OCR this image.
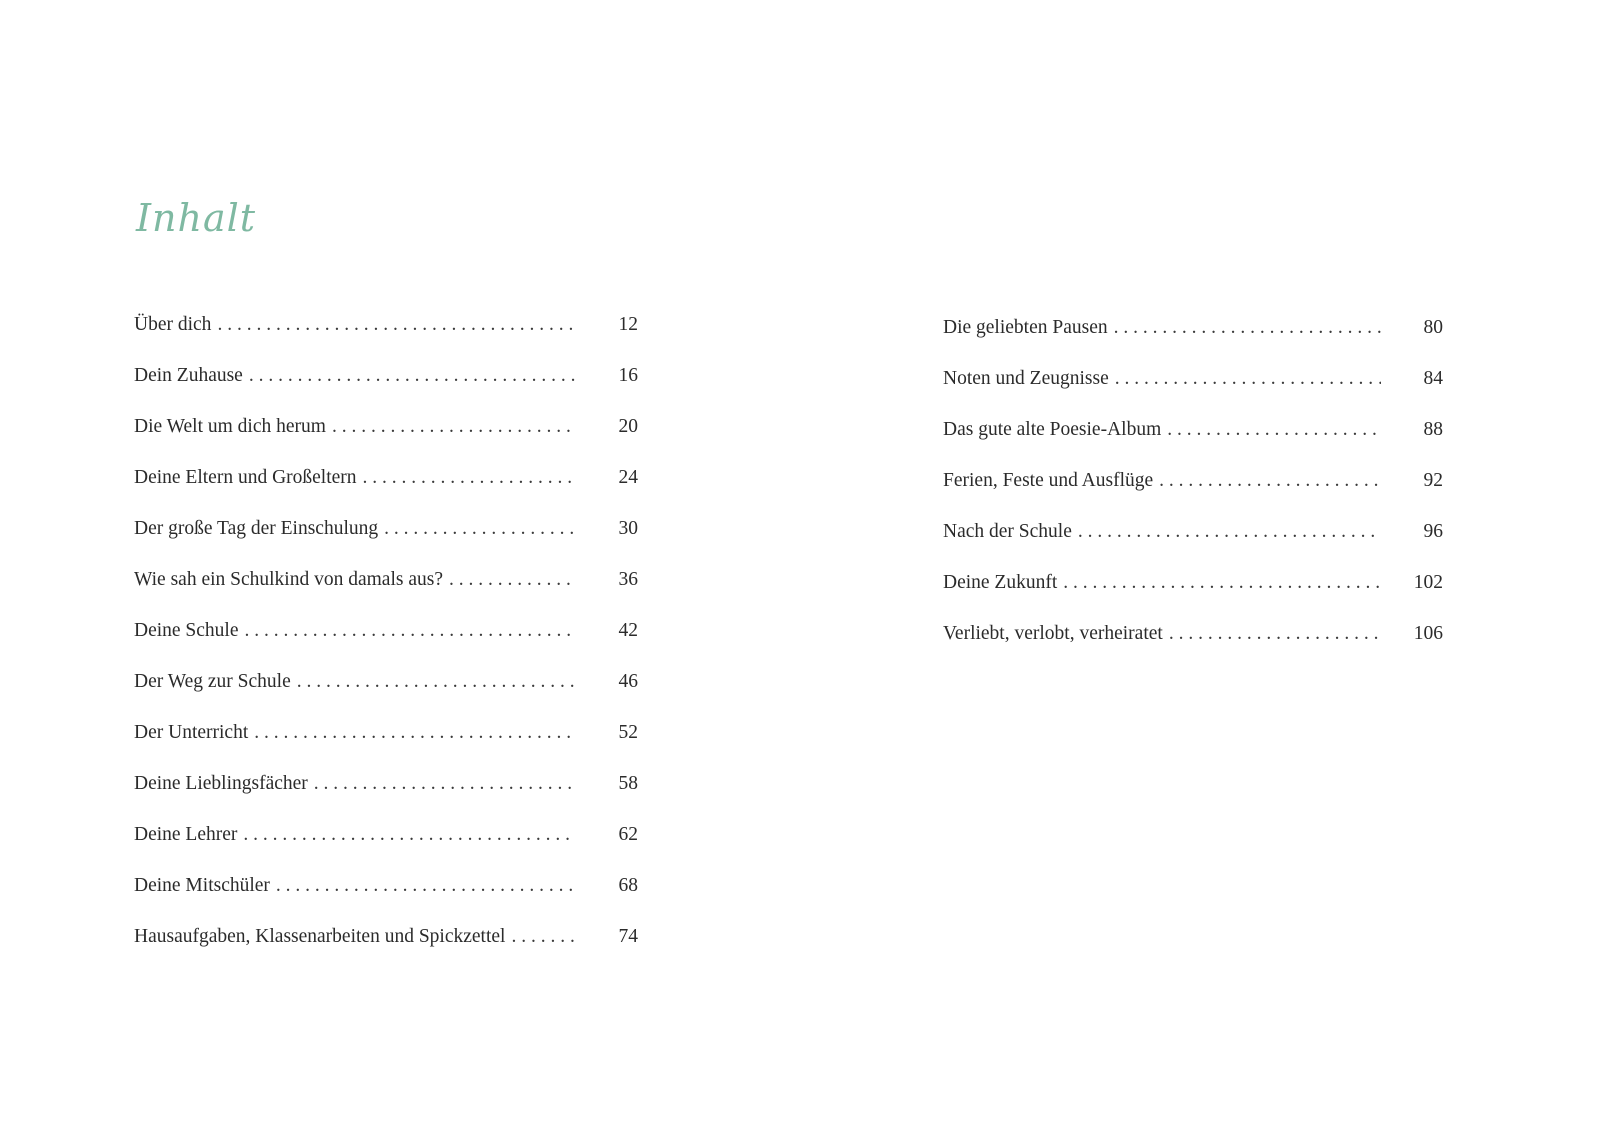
Inhalt
Über dich . . .	12
Dein Zuhause . . .	16
Die Welt um dich herum . . .	20
Deine Eltern und Großeltern . . .	24
Der große Tag der Einschulung . . .	30
Wie sah ein Schulkind von damals aus? . . .	36
Deine Schule . . .	42
Der Weg zur Schule . . .	46
Der Unterricht . . .	52
Deine Lieblingsfächer . . .	58
Deine Lehrer . . .	62
Deine Mitschüler . . .	68
Hausaufgaben, Klassenarbeiten und Spickzettel . . .	74
Die geliebten Pausen . . .	80
Noten und Zeugnisse . . .	84
Das gute alte Poesie-Album . . .	88
Ferien, Feste und Ausflüge . . .	92
Nach der Schule . . .	96
Deine Zukunft . . .	102
Verliebt, verlobt, verheiratet . . .	106
